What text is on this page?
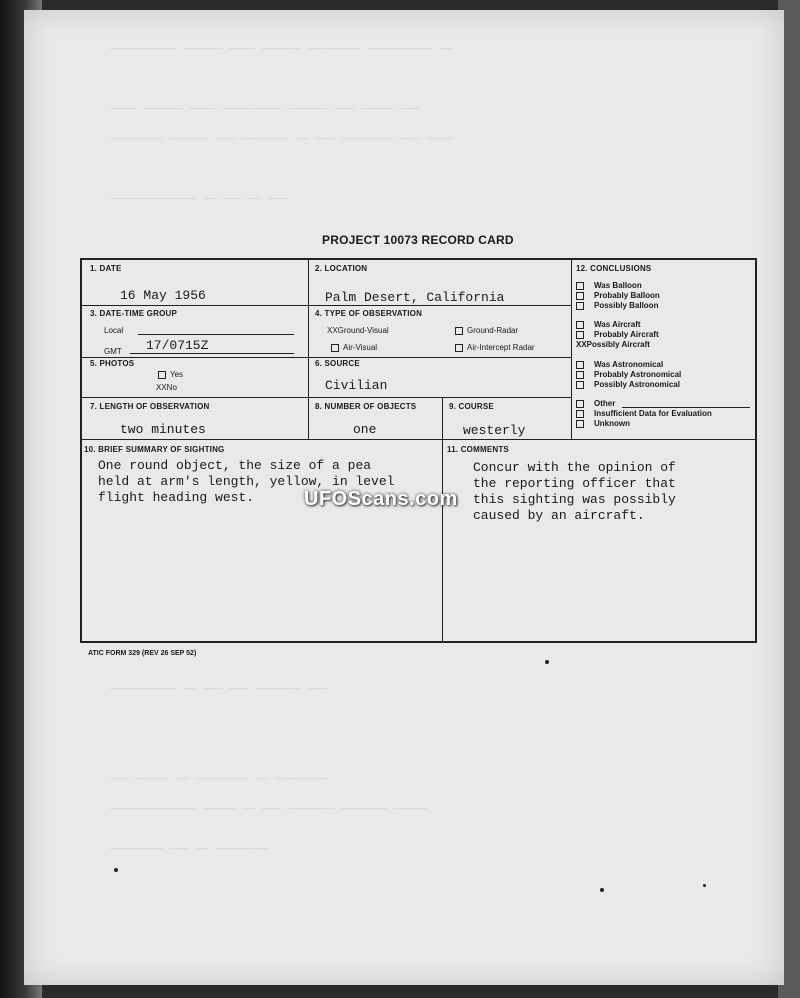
__________ ______ ____ ______ ________ __________ __
____ ______ ____ _________ ______ ___ _____ ___
________ ______ ___ _______ __ ___ ________ ___ ____
_____________ __ ___ __ ___
__________ __ ___ ___ _______ ___
___ _____ __ ________ __ ________
_____________ _____ __ ___ _______ _______ _____
________ ___ __ ________
PROJECT 10073 RECORD CARD
1. DATE
16 May 1956
2. LOCATION
Palm Desert, California
3. DATE-TIME GROUP
Local
GMT 17/0715Z
4. TYPE OF OBSERVATION
XXGround-Visual	Ground-Radar
Air-Visual	Air-Intercept Radar
5. PHOTOS
Yes
XXNo
6. SOURCE
Civilian
7. LENGTH OF OBSERVATION
two minutes
8. NUMBER OF OBJECTS
one
9. COURSE
westerly
12. CONCLUSIONS
10. BRIEF SUMMARY OF SIGHTING
One round object, the size of a pea
held at arm's length, yellow, in level
flight heading west.
11. COMMENTS
Concur with the opinion of
the reporting officer that
this sighting was possibly
caused by an aircraft.
Was Balloon
Probably Balloon
Possibly Balloon
Was Aircraft
Probably Aircraft
XXPossibly Aircraft
Was Astronomical
Probably Astronomical
Possibly Astronomical
Other
Insufficient Data for Evaluation
Unknown
ATIC FORM 329 (REV 26 SEP 52)
UFOScans.com
